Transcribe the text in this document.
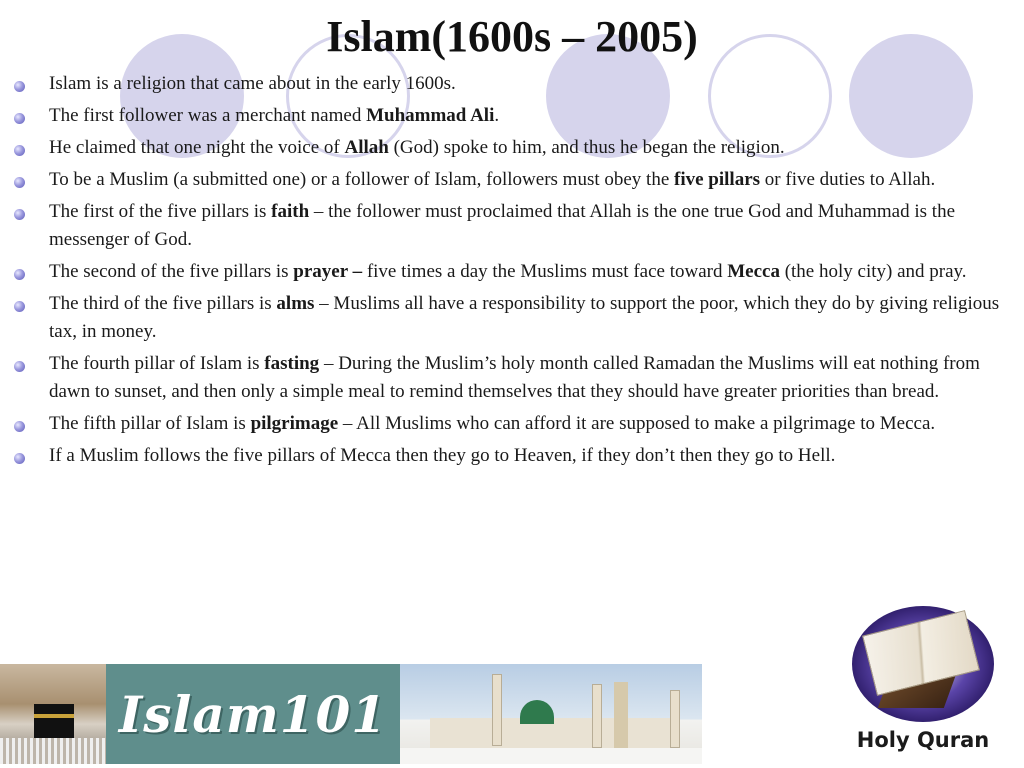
Islam(1600s – 2005)
Islam is a religion that came about in the early 1600s.
The first follower was a merchant named Muhammad Ali.
He claimed that one night the voice of Allah (God) spoke to him, and thus he began the religion.
To be a Muslim (a submitted one) or a follower of Islam, followers must obey the five pillars or five duties to Allah.
The first of the five pillars is faith – the follower must proclaimed that Allah is the one true God and Muhammad is the messenger of God.
The second of the five pillars is prayer – five times a day the Muslims must face toward Mecca (the holy city) and pray.
The third of the five pillars is alms – Muslims all have a responsibility to support the poor, which they do by giving religious tax, in money.
The fourth pillar of Islam is fasting – During the Muslim’s holy month called Ramadan the Muslims will eat nothing from dawn to sunset, and then only a simple meal to remind themselves that they should have greater priorities than bread.
The fifth pillar of Islam is pilgrimage – All Muslims who can afford it are supposed to make a pilgrimage to Mecca.
If a Muslim follows the five pillars of Mecca then they go to Heaven, if they don’t then they go to Hell.
Islam101	Holy Quran
